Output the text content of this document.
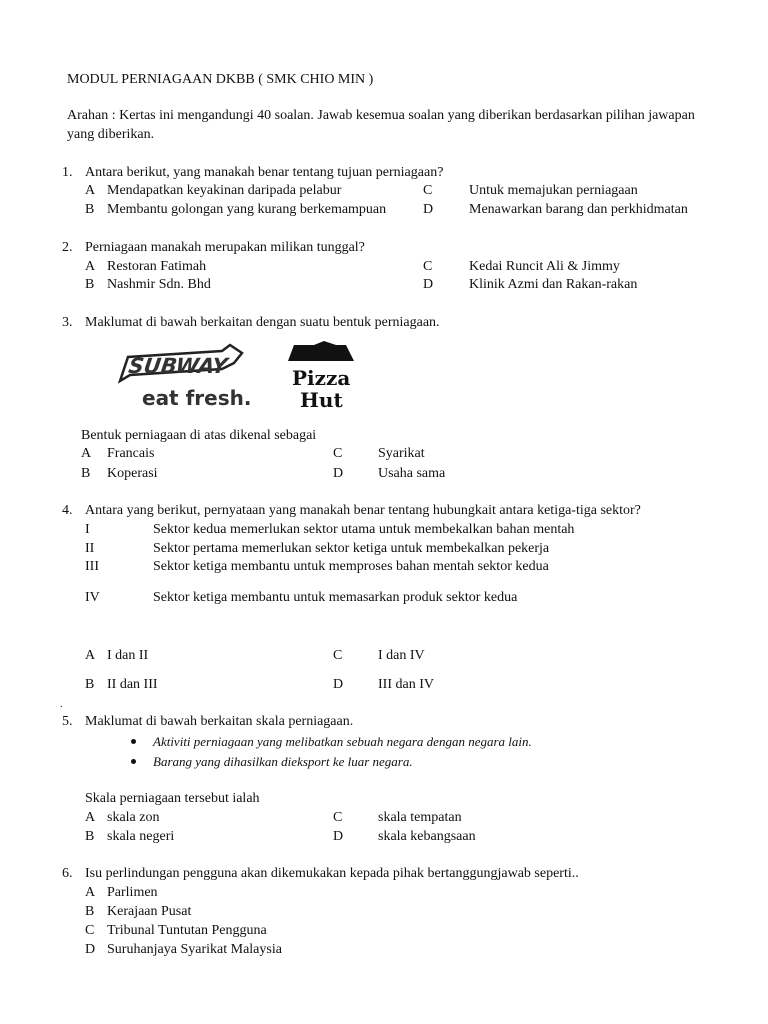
MODUL PERNIAGAAN DKBB ( SMK CHIO MIN )
Arahan : Kertas ini mengandungi 40 soalan. Jawab kesemua soalan yang diberikan berdasarkan pilihan jawapan
yang diberikan.
1. Antara berikut, yang manakah benar tentang tujuan perniagaan?
A Mendapatkan keyakinan daripada pelabur
B Membantu golongan yang kurang berkemampuan
C	Untuk memajukan perniagaan
D	Menawarkan barang dan perkhidmatan
2. Perniagaan manakah merupakan milikan tunggal?
A Restoran Fatimah
B Nashmir Sdn. Bhd
C	Kedai Runcit Ali & Jimmy
D	Klinik Azmi dan Rakan-rakan
3. Maklumat di bawah berkaitan dengan suatu bentuk perniagaan.
SUBWAY
eat fresh.
Pizza
Hut
Bentuk perniagaan di atas dikenal sebagai
A Francais
B Koperasi
C	Syarikat
D Usaha sama
4. Antara yang berikut, pernyataan yang manakah benar tentang hubungkait antara ketiga-tiga sektor?
I	Sektor kedua memerlukan sektor utama untuk membekalkan bahan mentah
II	Sektor pertama memerlukan sektor ketiga untuk membekalkan pekerja
III	Sektor ketiga membantu untuk memproses bahan mentah sektor kedua
IV	Sektor ketiga membantu untuk memasarkan produk sektor kedua
A I dan II
B II dan III
C	I dan IV
D III dan IV
.
5. Maklumat di bawah berkaitan skala perniagaan.
Aktiviti perniagaan yang melibatkan sebuah negara dengan negara lain.
Barang yang dihasilkan dieksport ke luar negara.
Skala perniagaan tersebut ialah
A skala zon
B skala negeri
C	skala tempatan
D skala kebangsaan
6. Isu perlindungan pengguna akan dikemukakan kepada pihak bertanggungjawab seperti..
A Parlimen
B Kerajaan Pusat
C Tribunal Tuntutan Pengguna
D Suruhanjaya Syarikat Malaysia
